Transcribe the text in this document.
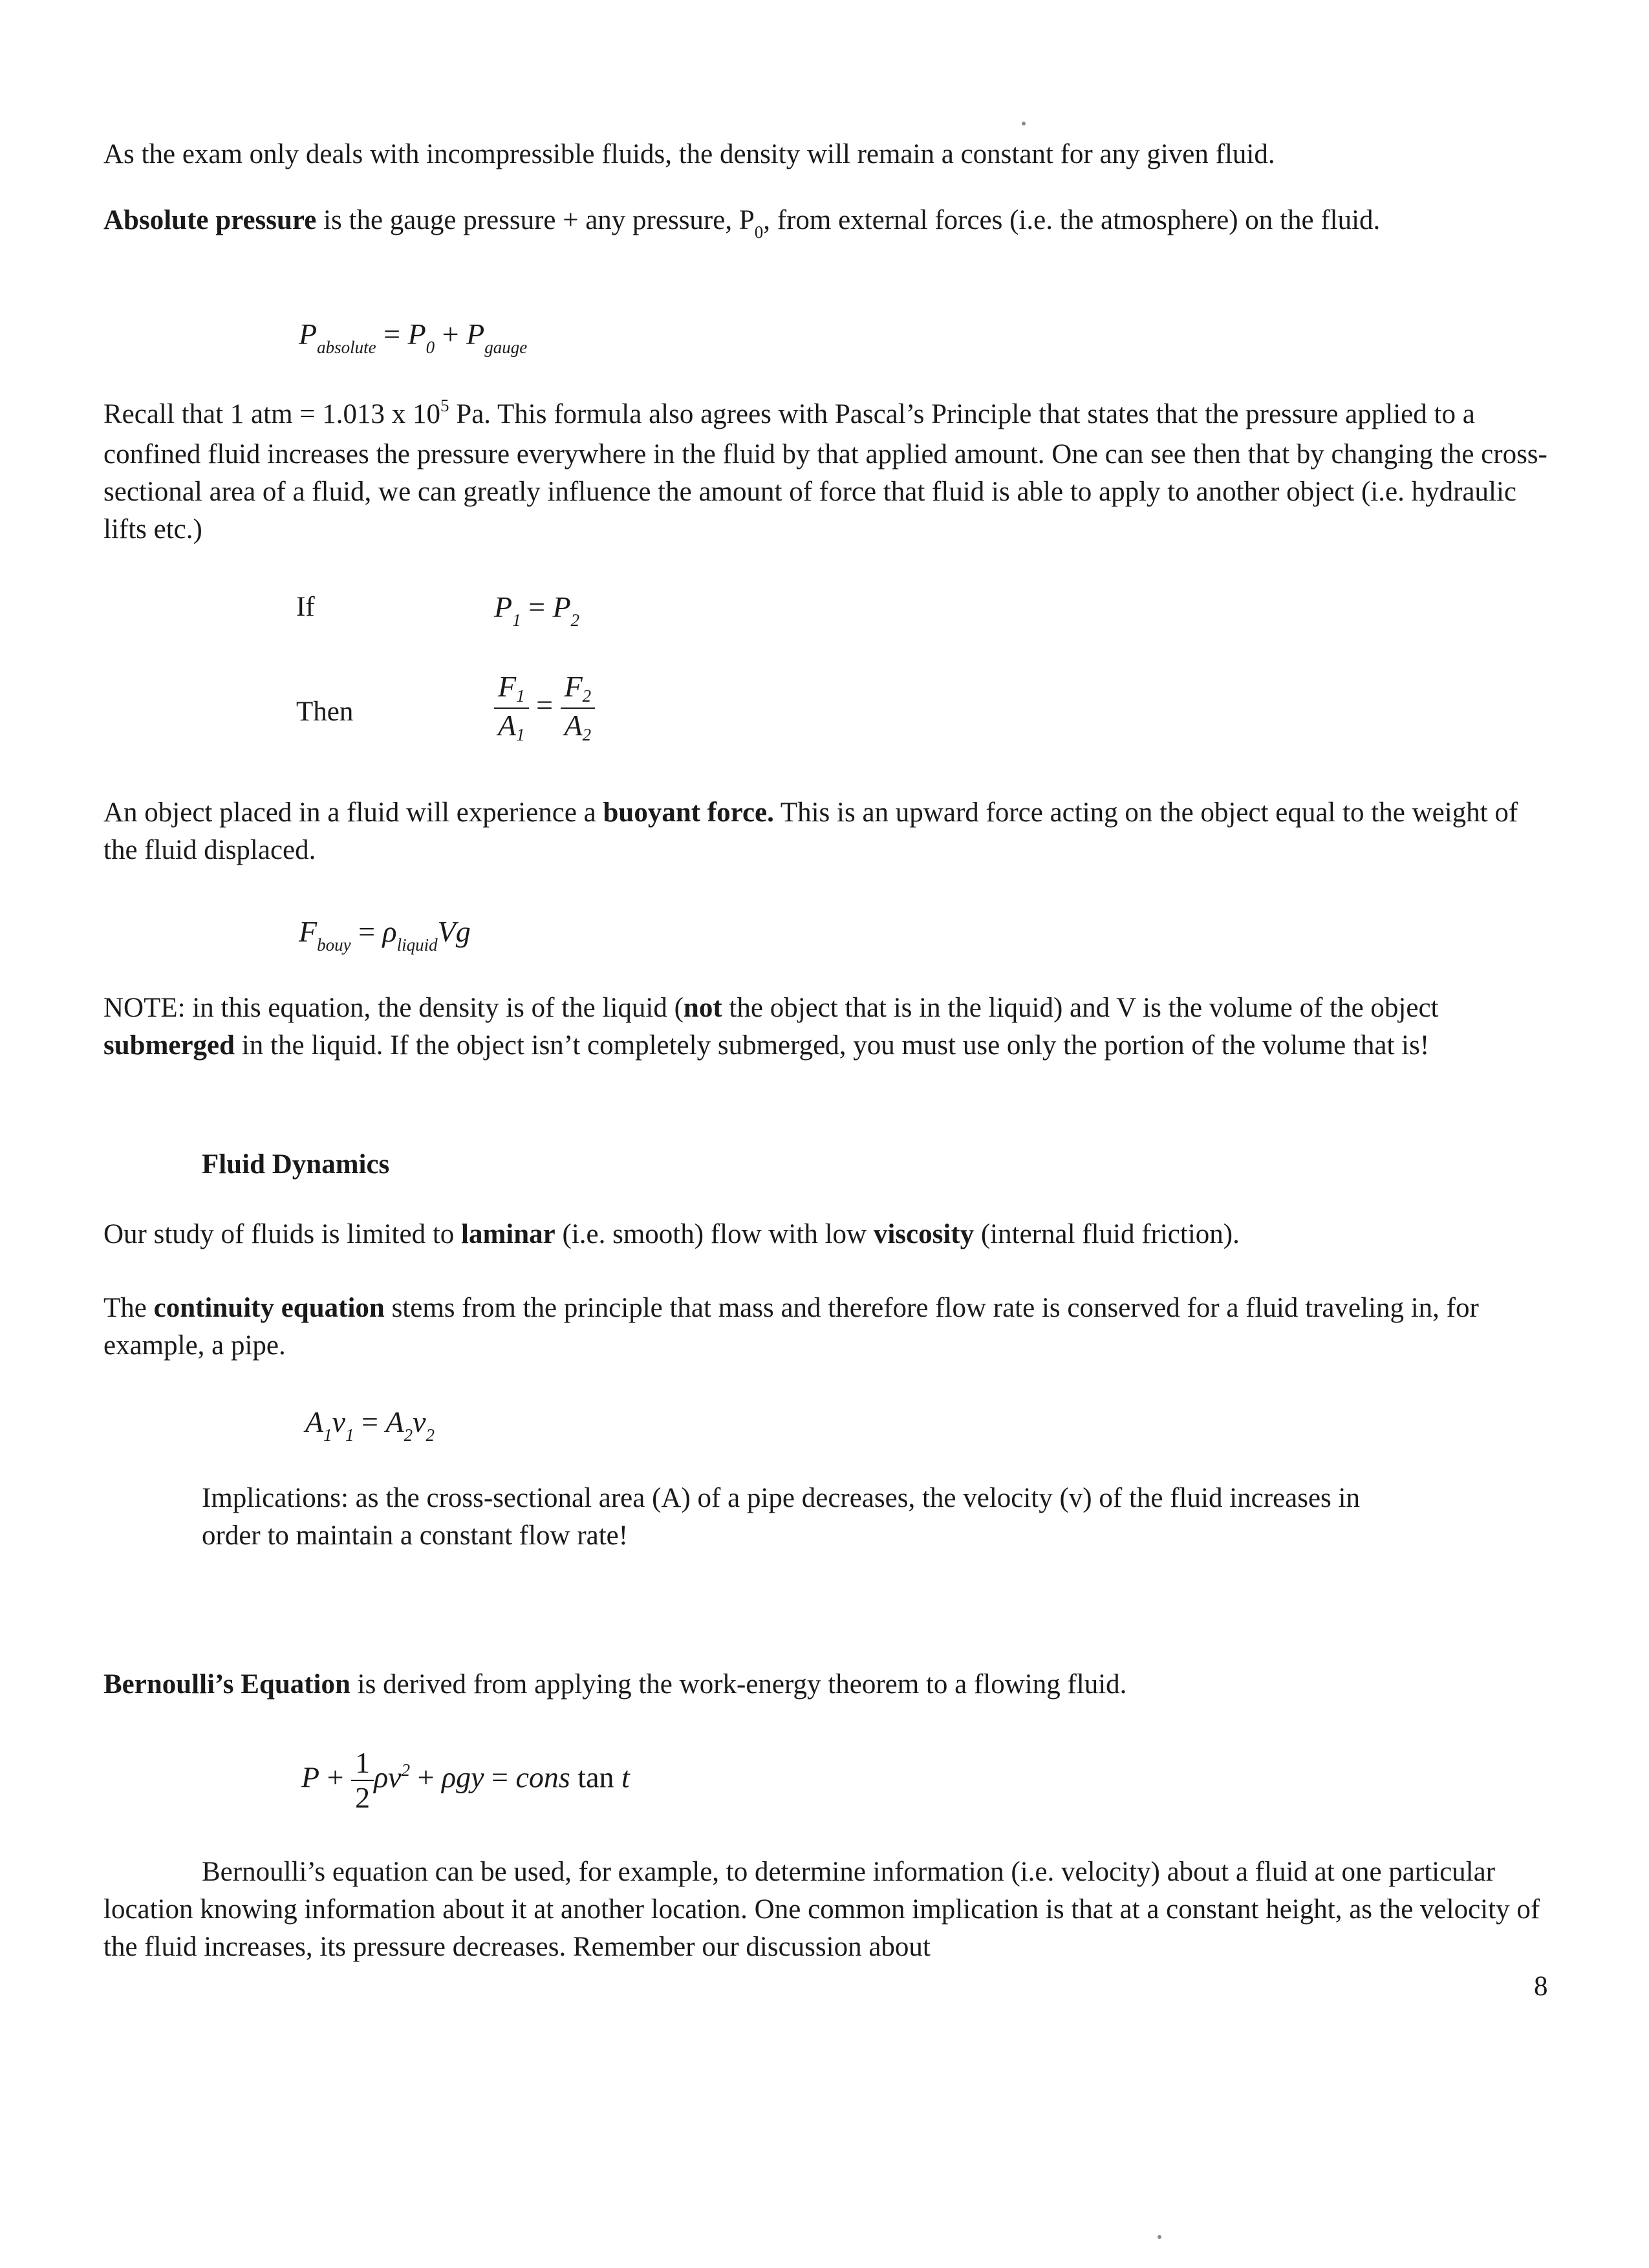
As the exam only deals with incompressible fluids, the density will remain a constant for any given fluid.

Absolute pressure is the gauge pressure + any pressure, $P_0$, from external forces (i.e. the atmosphere) on the fluid.

$P_{absolute} = P_0 + P_{gauge}$

Recall that 1 atm = 1.013 x $10^5$ Pa. This formula also agrees with Pascal’s Principle that states that the pressure applied to a confined fluid increases the pressure everywhere in the fluid by that applied amount. One can see then that by changing the cross-sectional area of a fluid, we can greatly influence the amount of force that fluid is able to apply to another object (i.e. hydraulic lifts etc.)

If	$P_1 = P_2$
Then	$\frac{F1}{A1} = \frac{F2}{A2}$

An object placed in a fluid will experience a buoyant force. This is an upward force acting on the object equal to the weight of the fluid displaced.

$F_{bouy} = \rho_{liquid}Vg$

NOTE: in this equation, the density is of the liquid (not the object that is in the liquid) and V is the volume of the object submerged in the liquid. If the object isn’t completely submerged, you must use only the portion of the volume that is!

Fluid Dynamics

Our study of fluids is limited to laminar (i.e. smooth) flow with low viscosity (internal fluid friction).

The continuity equation stems from the principle that mass and therefore flow rate is conserved for a fluid traveling in, for example, a pipe.

$A_1v_1 = A_2v_2$

Implications: as the cross-sectional area (A) of a pipe decreases, the velocity (v) of the fluid increases in order to maintain a constant flow rate!

Bernoulli’s Equation is derived from applying the work-energy theorem to a flowing fluid.

$P + \frac{1}{2} \rho v^2 + \rho gy$ = cons tan t

Bernoulli’s equation can be used, for example, to determine information (i.e. velocity) about a fluid at one particular location knowing information about it at another location. One common implication is that at a constant height, as the velocity of the fluid increases, its pressure decreases. Remember our discussion about

8
